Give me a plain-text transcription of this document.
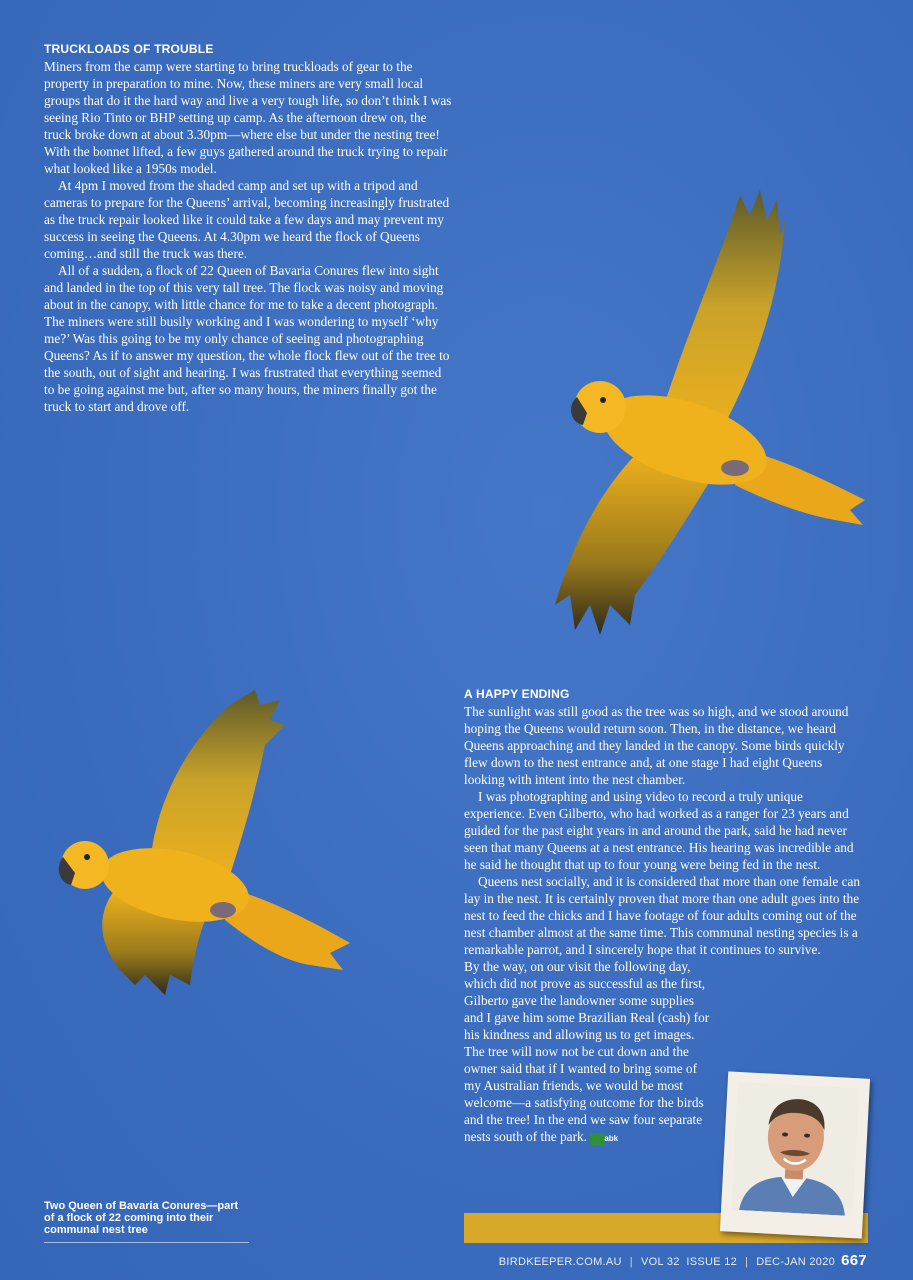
TRUCKLOADS OF TROUBLE

Miners from the camp were starting to bring truckloads of gear to the property in preparation to mine. Now, these miners are very small local groups that do it the hard way and live a very tough life, so don’t think I was seeing Rio Tinto or BHP setting up camp. As the afternoon drew on, the truck broke down at about 3.30pm—where else but under the nesting tree! With the bonnet lifted, a few guys gathered around the truck trying to repair what looked like a 1950s model.

At 4pm I moved from the shaded camp and set up with a tripod and cameras to prepare for the Queens’ arrival, becoming increasingly frustrated as the truck repair looked like it could take a few days and may prevent my success in seeing the Queens. At 4.30pm we heard the flock of Queens coming…and still the truck was there.

All of a sudden, a flock of 22 Queen of Bavaria Conures flew into sight and landed in the top of this very tall tree. The flock was noisy and moving about in the canopy, with little chance for me to take a decent photograph. The miners were still busily working and I was wondering to myself ‘why me?’ Was this going to be my only chance of seeing and photographing Queens? As if to answer my question, the whole flock flew out of the tree to the south, out of sight and hearing. I was frustrated that everything seemed to be going against me but, after so many hours, the miners finally got the truck to start and drove off.

A HAPPY ENDING

The sunlight was still good as the tree was so high, and we stood around hoping the Queens would return soon. Then, in the distance, we heard Queens approaching and they landed in the canopy. Some birds quickly flew down to the nest entrance and, at one stage I had eight Queens looking with intent into the nest chamber.

I was photographing and using video to record a truly unique experience. Even Gilberto, who had worked as a ranger for 23 years and guided for the past eight years in and around the park, said he had never seen that many Queens at a nest entrance. His hearing was incredible and he said he thought that up to four young were being fed in the nest.

Queens nest socially, and it is considered that more than one female can lay in the nest. It is certainly proven that more than one adult goes into the nest to feed the chicks and I have footage of four adults coming out of the nest chamber almost at the same time. This communal nesting species is a remarkable parrot, and I sincerely hope that it continues to survive.

By the way, on our visit the following day, which did not prove as successful as the first, Gilberto gave the landowner some supplies and I gave him some Brazilian Real (cash) for his kindness and allowing us to get images. The tree will now not be cut down and the owner said that if I wanted to bring some of my Australian friends, we would be most welcome—a satisfying outcome for the birds and the tree! In the end we saw four separate nests south of the park. abk
Two Queen of Bavaria Conures—part of a flock of 22 coming into their communal nest tree
BIRDKEEPER.COM.AU | VOL 32 ISSUE 12 | DEC-JAN 2020 667
